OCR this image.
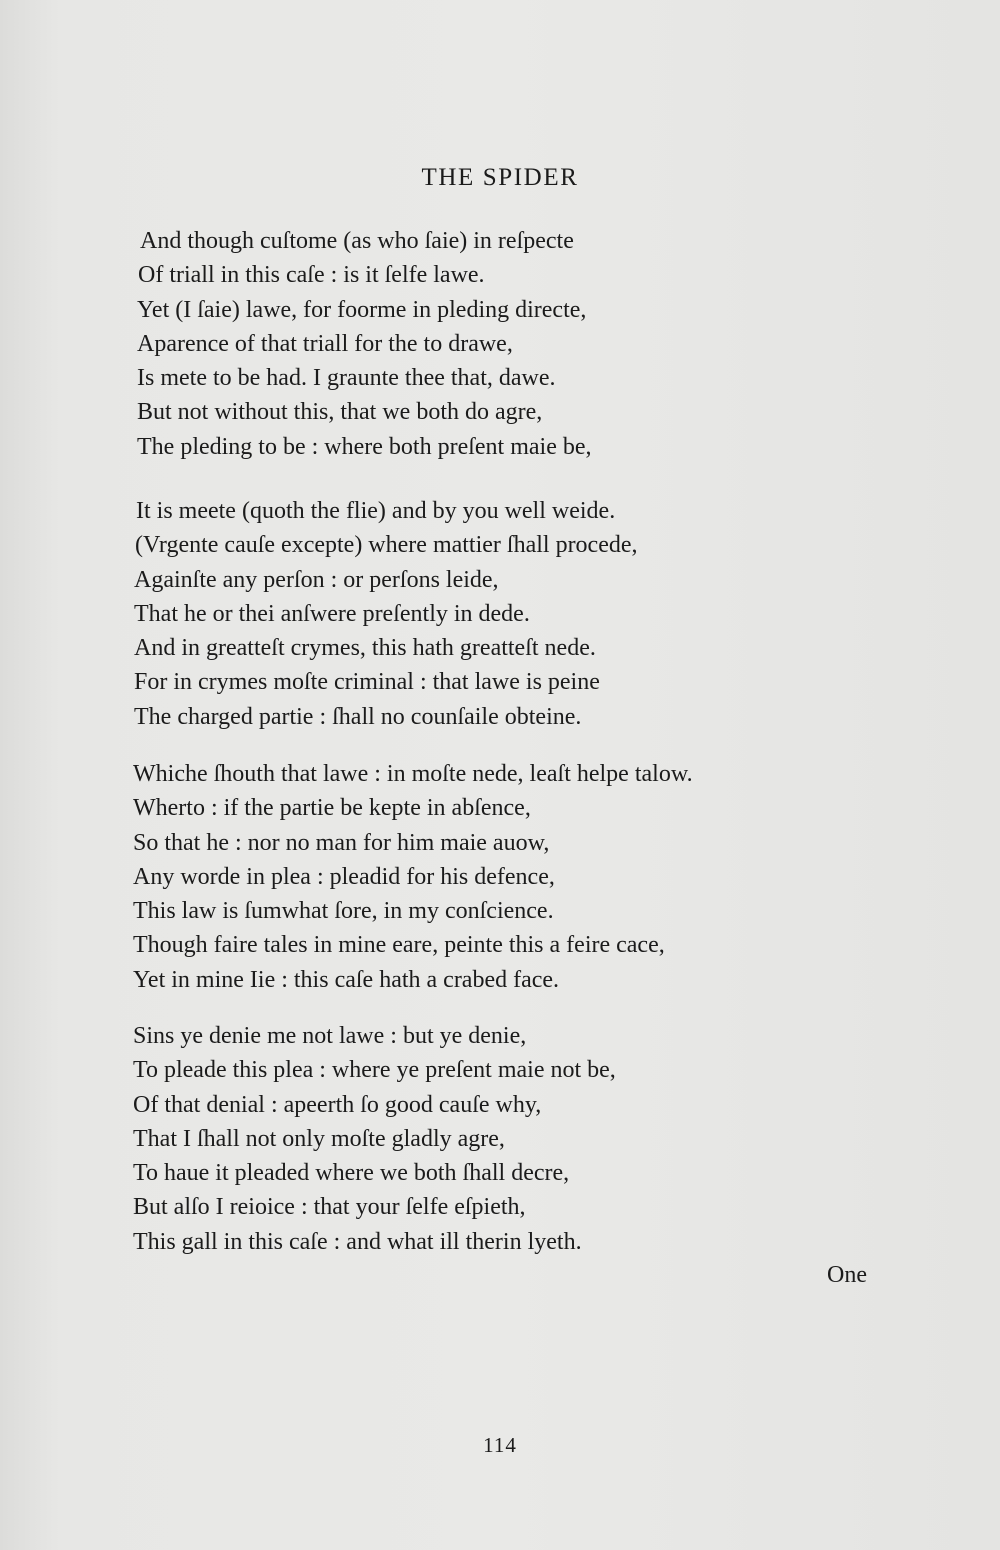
THE SPIDER
And though cuſtome (as who ſaie) in reſpecte
Of triall in this caſe : is it ſelfe lawe.
Yet (I ſaie) lawe, for foorme in pleding directe,
Aparence of that triall for the to drawe,
Is mete to be had. I graunte thee that, dawe.
But not without this, that we both do agre,
The pleding to be : where both preſent maie be,
It is meete (quoth the flie) and by you well weide.
(Vrgente cauſe excepte) where mattier ſhall procede,
Againſte any perſon : or perſons leide,
That he or thei anſwere preſently in dede.
And in greatteſt crymes, this hath greatteſt nede.
For in crymes moſte criminal : that lawe is peine
The charged partie : ſhall no counſaile obteine.
Whiche ſhouth that lawe : in moſte nede, leaſt helpe talow.
Wherto : if the partie be kepte in abſence,
So that he : nor no man for him maie auow,
Any worde in plea : pleadid for his defence,
This law is ſumwhat ſore, in my conſcience.
Though faire tales in mine eare, peinte this a feire cace,
Yet in mine Iie : this caſe hath a crabed face.
Sins ye denie me not lawe : but ye denie,
To pleade this plea : where ye preſent maie not be,
Of that denial : apeerth ſo good cauſe why,
That I ſhall not only moſte gladly agre,
To haue it pleaded where we both ſhall decre,
But alſo I reioice : that your ſelfe eſpieth,
This gall in this caſe : and what ill therin lyeth.
One
114
